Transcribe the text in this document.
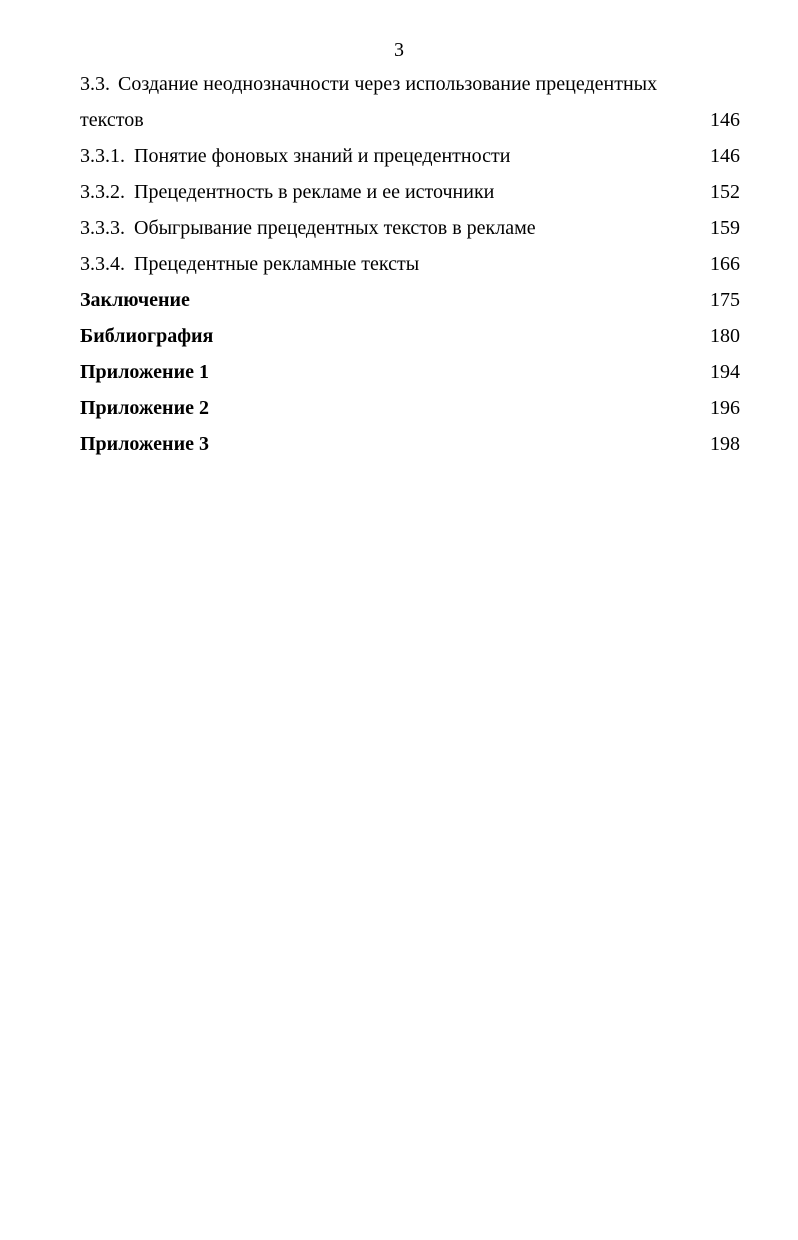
3
3.3. Создание неоднозначности через использование прецедентных
текстов	146
3.3.1. Понятие фоновых знаний и прецедентности	146
3.3.2. Прецедентность в рекламе и ее источники	152
3.3.3. Обыгрывание прецедентных текстов в рекламе	159
3.3.4. Прецедентные рекламные тексты	166
Заключение	175
Библиография	180
Приложение 1	194
Приложение 2	196
Приложение 3	198
